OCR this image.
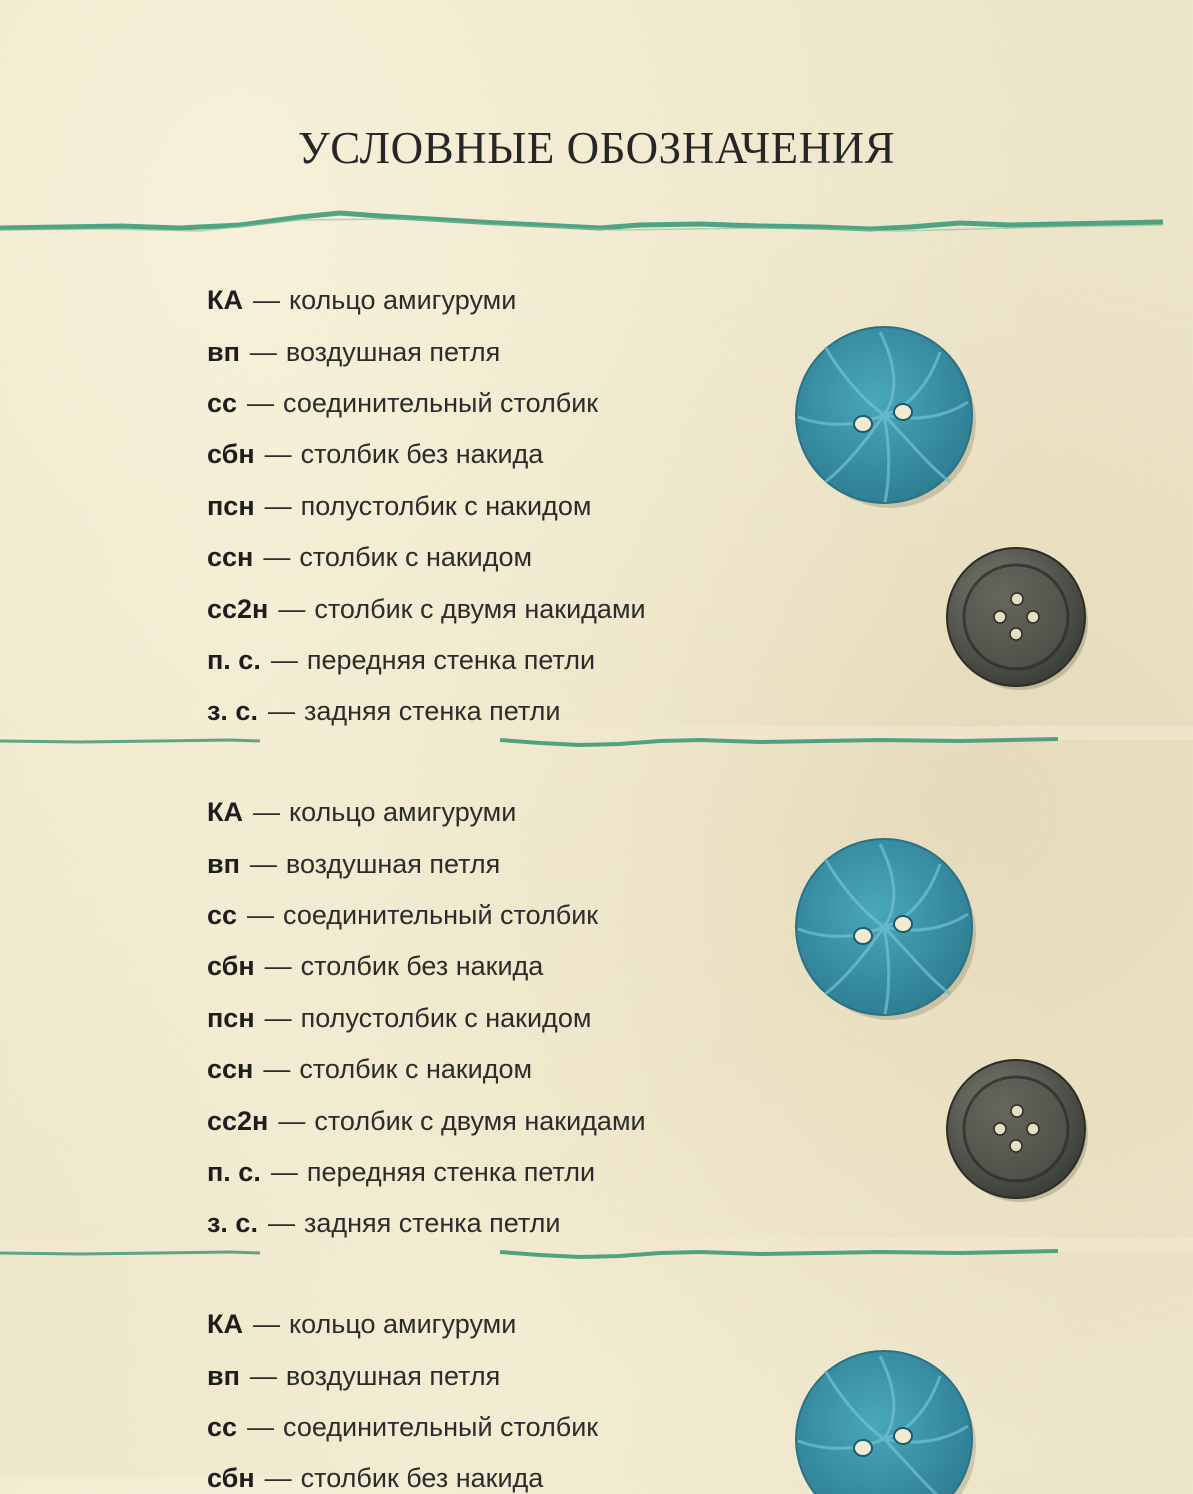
УСЛОВНЫЕ ОБОЗНАЧЕНИЯ
КА — кольцо амигуруми
вп — воздушная петля
сс — соединительный столбик
сбн — столбик без накида
псн — полустолбик с накидом
ссн — столбик с накидом
сс2н — столбик с двумя накидами
п. с. — передняя стенка петли
з. с. — задняя стенка петли
КА — кольцо амигуруми
вп — воздушная петля
сс — соединительный столбик
сбн — столбик без накида
псн — полустолбик с накидом
ссн — столбик с накидом
сс2н — столбик с двумя накидами
п. с. — передняя стенка петли
з. с. — задняя стенка петли
КА — кольцо амигуруми
вп — воздушная петля
сс — соединительный столбик
сбн — столбик без накида
